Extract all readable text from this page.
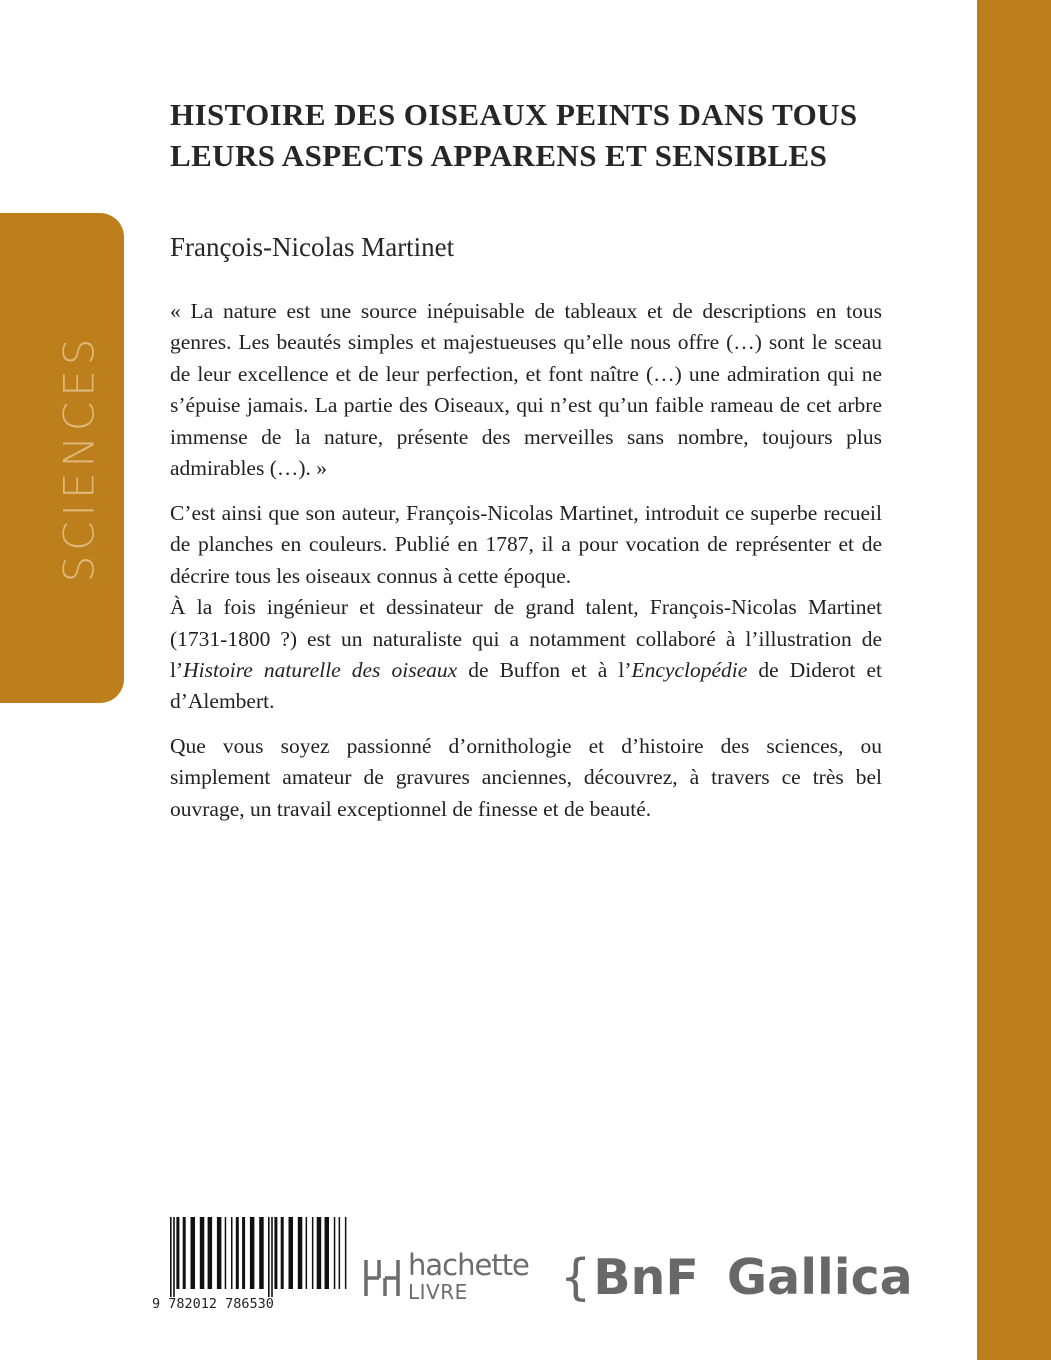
SCIENCES
HISTOIRE DES OISEAUX PEINTS DANS TOUS LEURS ASPECTS APPARENS ET SENSIBLES

François-Nicolas Martinet

« La nature est une source inépuisable de tableaux et de descriptions en tous genres. Les beautés simples et majestueuses qu’elle nous offre (…) sont le sceau de leur excellence et de leur perfection, et font naître (…) une admiration qui ne s’épuise jamais. La partie des Oiseaux, qui n’est qu’un faible rameau de cet arbre immense de la nature, présente des merveilles sans nombre, toujours plus admirables (…). »

C’est ainsi que son auteur, François-Nicolas Martinet, introduit ce superbe recueil de planches en couleurs. Publié en 1787, il a pour vocation de représenter et de décrire tous les oiseaux connus à cette époque.

À la fois ingénieur et dessinateur de grand talent, François-Nicolas Martinet (1731-1800 ?) est un naturaliste qui a notamment collaboré à l’illustration de l’Histoire naturelle des oiseaux de Buffon et à l’Encyclopédie de Diderot et d’Alembert.

Que vous soyez passionné d’ornithologie et d’histoire des sciences, ou simplement amateur de gravures anciennes, découvrez, à travers ce très bel ouvrage, un travail exceptionnel de finesse et de beauté.

9 782012 786530
hachette
LIVRE {BnF Gallica
